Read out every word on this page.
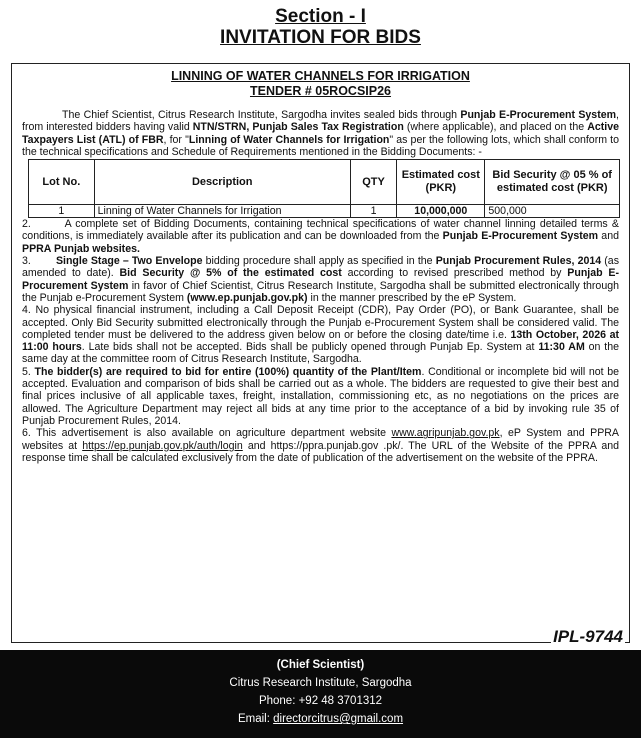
Section - I
INVITATION FOR BIDS
LINNING OF WATER CHANNELS FOR IRRIGATION
TENDER # 05ROCSIP26

The Chief Scientist, Citrus Research Institute, Sargodha invites sealed bids through Punjab E-Procurement System, from interested bidders having valid NTN/STRN, Punjab Sales Tax Registration (where applicable), and placed on the Active Taxpayers List (ATL) of FBR, for "Linning of Water Channels for Irrigation" as per the following lots, which shall conform to the technical specifications and Schedule of Requirements mentioned in the Bidding Documents: -

Lot No.	Description	QTY	Estimated cost (PKR)	Bid Security @ 05 % of estimated cost (PKR)
1	Linning of Water Channels for Irrigation	1	10,000,000	500,000

2.	A complete set of Bidding Documents, containing technical specifications of water channel linning detailed terms & conditions, is immediately available after its publication and can be downloaded from the Punjab E-Procurement System and PPRA Punjab websites.

3. Single Stage – Two Envelope bidding procedure shall apply as specified in the Punjab Procurement Rules, 2014 (as amended to date). Bid Security @ 5% of the estimated cost according to revised prescribed method by Punjab E-Procurement System in favor of Chief Scientist, Citrus Research Institute, Sargodha shall be submitted electronically through the Punjab e-Procurement System (www.ep.punjab.gov.pk) in the manner prescribed by the eP System.

4. No physical financial instrument, including a Call Deposit Receipt (CDR), Pay Order (PO), or Bank Guarantee, shall be accepted. Only Bid Security submitted electronically through the Punjab e-Procurement System shall be considered valid. The completed tender must be delivered to the address given below on or before the closing date/time i.e. 13th October, 2026 at 11:00 hours. Late bids shall not be accepted. Bids shall be publicly opened through Punjab Ep. System at 11:30 AM on the same day at the committee room of Citrus Research Institute, Sargodha.

5. The bidder(s) are required to bid for entire (100%) quantity of the Plant/Item. Conditional or incomplete bid will not be accepted. Evaluation and comparison of bids shall be carried out as a whole. The bidders are requested to give their best and final prices inclusive of all applicable taxes, freight, installation, commissioning etc, as no negotiations on the prices are allowed. The Agriculture Department may reject all bids at any time prior to the acceptance of a bid by invoking rule 35 of Punjab Procurement Rules, 2014.

6. This advertisement is also available on agriculture department website www.agripunjab.gov.pk, eP System and PPRA websites at https://ep.punjab.gov.pk/auth/login and https://ppra.punjab.gov .pk/. The URL of the Website of the PPRA and response time shall be calculated exclusively from the date of publication of the advertisement on the website of the PPRA.

IPL-9744
(Chief Scientist)
Citrus Research Institute, Sargodha
Phone: +92 48 3701312
Email: directorcitrus@gmail.com
